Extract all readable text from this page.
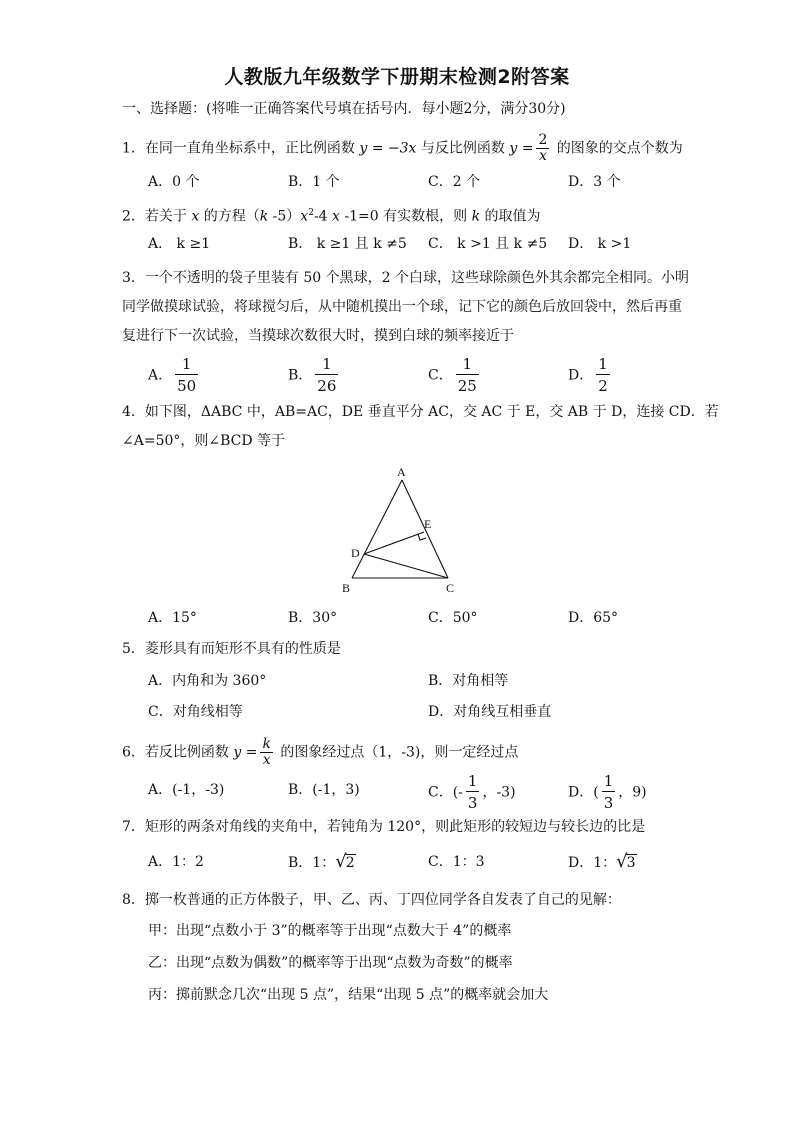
人教版九年级数学下册期末检测2附答案
一、选择题：(将唯一正确答案代号填在括号内．每小题2分，满分30分)
1．在同一直角坐标系中，正比例函数 y = −3x 与反比例函数 $y = \frac{2}{x}$ 的图象的交点个数为
A．0 个	B．1 个	C．2 个	D．3 个
2．若关于 x 的方程（k $-5)x^2-4$ x -1=0 有实数根，则 k 的取值为
A． k ≥1	B． k ≥1 且 k ≠5 C． k >1 且 k ≠5 D． k >1
3．一个不透明的袋子里装有 50 个黑球，2 个白球，这些球除颜色外其余都完全相同。小明
同学做摸球试验，将球搅匀后，从中随机摸出一个球，记下它的颜色后放回袋中，然后再重
复进行下一次试验，当摸球次数很大时，摸到白球的频率接近于
A． $\frac{1}{50}$	B． $\frac{1}{26}$	C． $\frac{1}{25}$	D． $\frac{1}{2}$
4．如下图，ΔABC 中，AB=AC，DE 垂直平分 AC，交 AC 于 E，交 AB 于 D，连接 CD．若
∠A=50°，则∠BCD 等于
A
B	C
D
E
A．15°	B．30°	C．50°	D．65°
5．菱形具有而矩形不具有的性质是
A．内角和为 360°	B．对角相等
C．对角线相等	D．对角线互相垂直
6．若反比例函数 $y = \frac{k}{x}$ 的图象经过点（1，-3)，则一定经过点
A．(-1，-3)	B．(-1，3)	C．(- $\frac{1}{3}$ ，-3)	D．( $\frac{1}{3}$ ，9)
7．矩形的两条对角线的夹角中，若钝角为 120°，则此矩形的较短边与较长边的比是
A．1：2	B．1：√2	C．1：3	D．1：√3
8．掷一枚普通的正方体骰子，甲、乙、丙、丁四位同学各自发表了自己的见解：
甲：出现“点数小于 3”的概率等于出现“点数大于 4”的概率
乙：出现“点数为偶数”的概率等于出现“点数为奇数”的概率
丙：掷前默念几次“出现 5 点”，结果“出现 5 点”的概率就会加大
